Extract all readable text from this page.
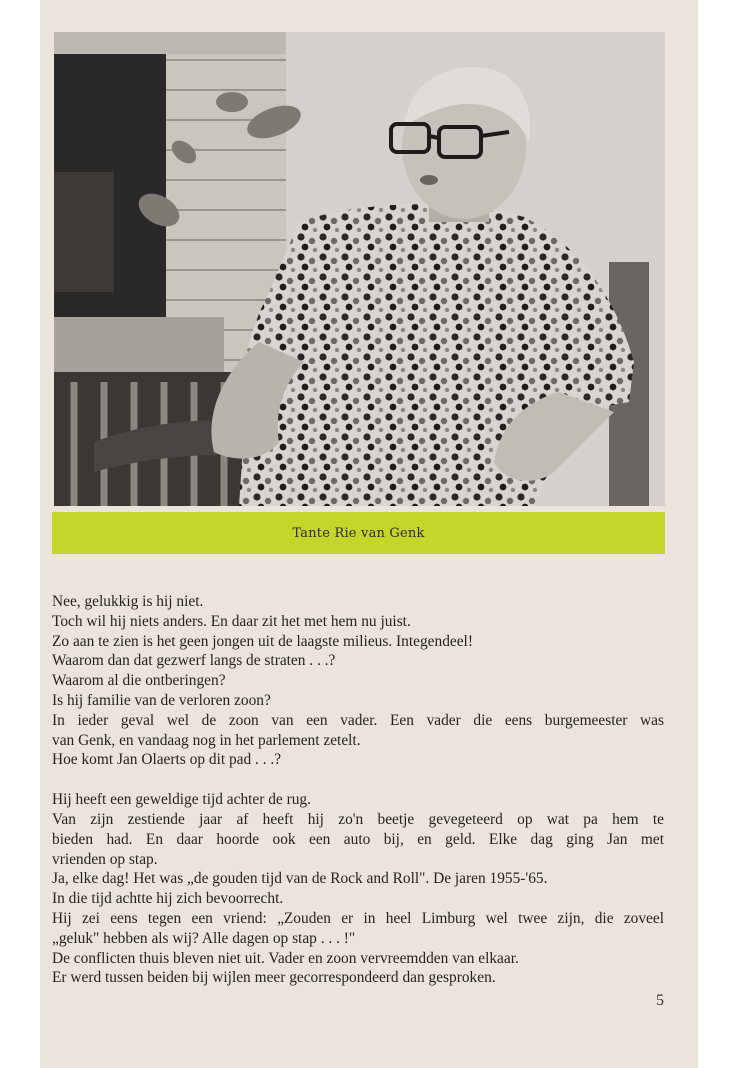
Tante Rie van Genk

Nee, gelukkig is hij niet.

Toch wil hij niets anders. En daar zit het met hem nu juist.

Zo aan te zien is het geen jongen uit de laagste milieus. Integendeel!

Waarom dan dat gezwerf langs de straten . . .?

Waarom al die ontberingen?

Is hij familie van de verloren zoon?

In ieder geval wel de zoon van een vader. Een vader die eens burgemeester was

van Genk, en vandaag nog in het parlement zetelt.

Hoe komt Jan Olaerts op dit pad . . .?

Hij heeft een geweldige tijd achter de rug.

Van zijn zestiende jaar af heeft hij zo'n beetje gevegeteerd op wat pa hem te

bieden had. En daar hoorde ook een auto bij, en geld. Elke dag ging Jan met

vrienden op stap.

Ja, elke dag! Het was „de gouden tijd van de Rock and Roll". De jaren 1955-'65.

In die tijd achtte hij zich bevoorrecht.

Hij zei eens tegen een vriend: „Zouden er in heel Limburg wel twee zijn, die zoveel

„geluk" hebben als wij? Alle dagen op stap . . . !"

De conflicten thuis bleven niet uit. Vader en zoon vervreemdden van elkaar.

Er werd tussen beiden bij wijlen meer gecorrespondeerd dan gesproken.

5
